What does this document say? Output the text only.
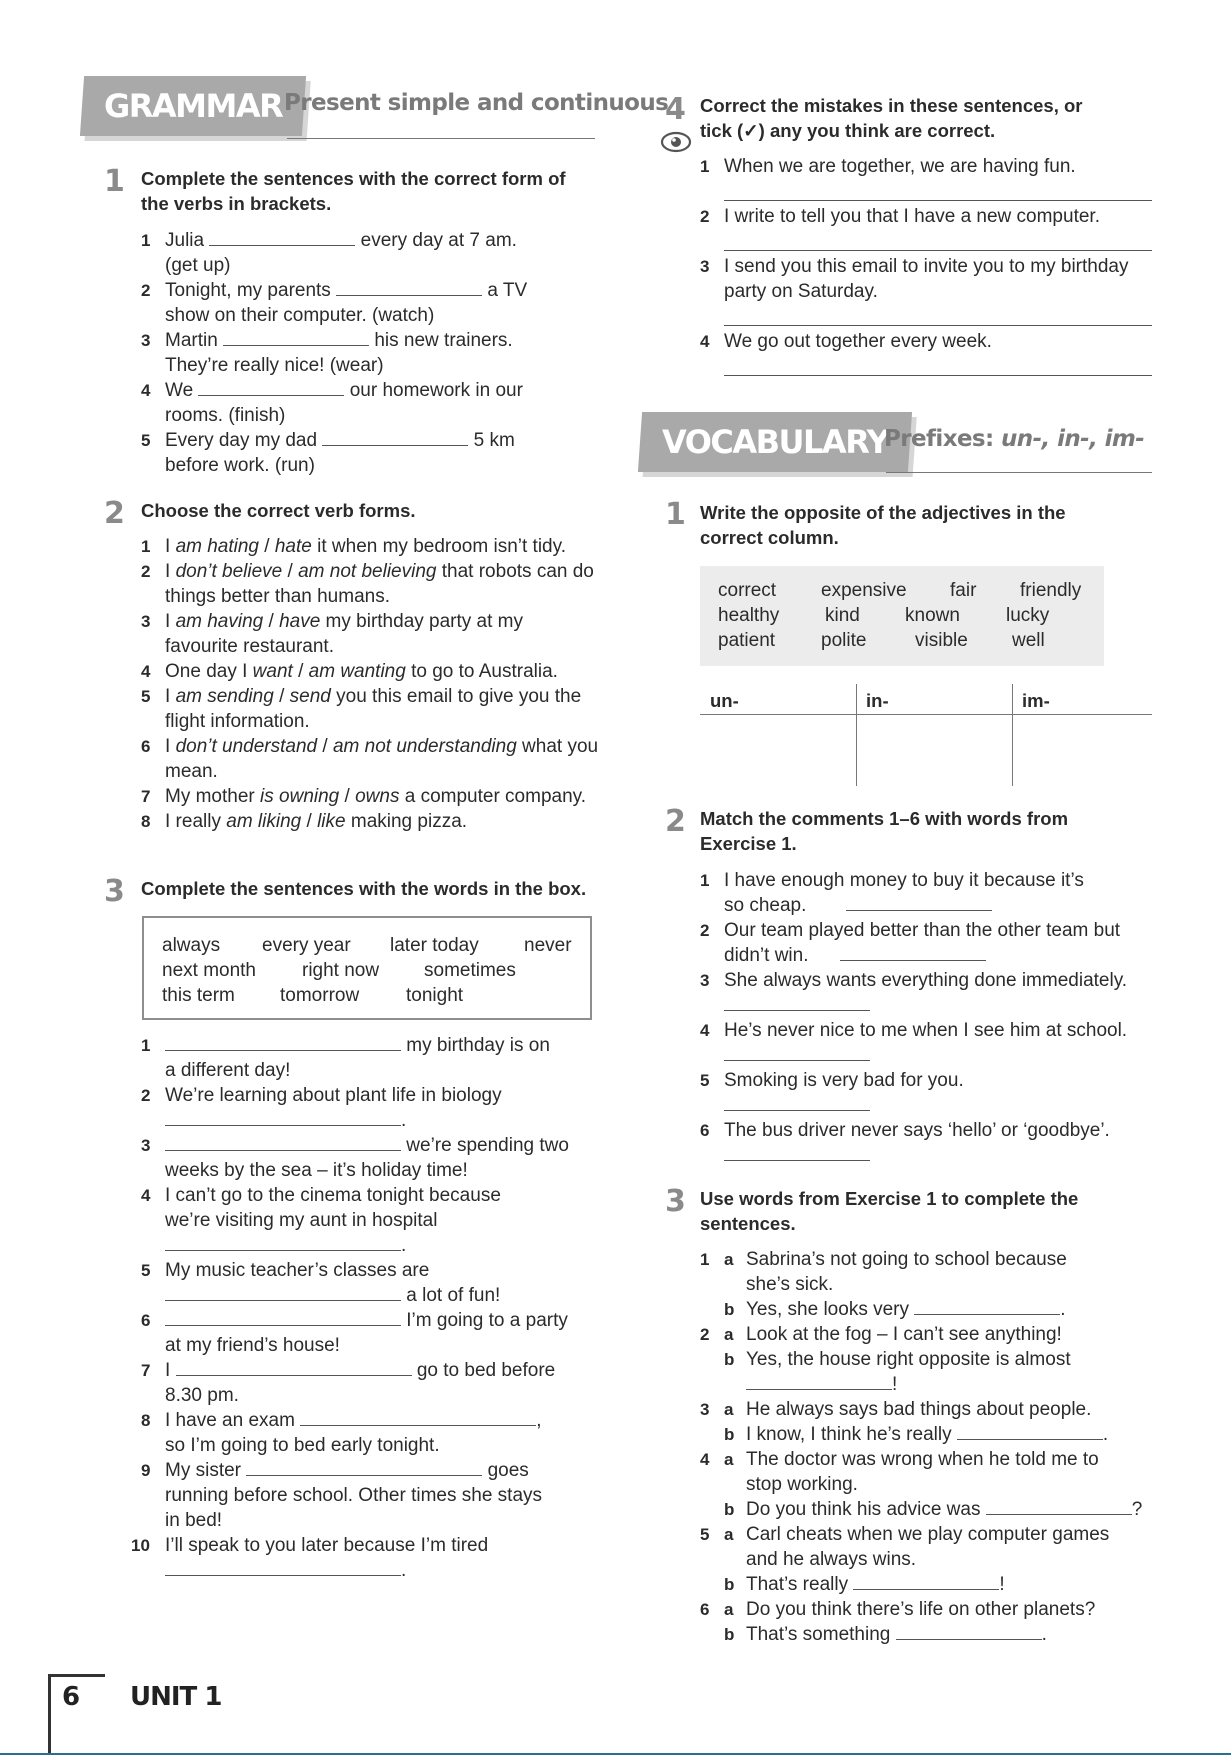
GRAMMAR Present simple and continuous
1 Complete the sentences with the correct form of the verbs in brackets.
1 Julia	every day at 7 am.
(get up)
2 Tonight, my parents	a TV
show on their computer. (watch)
3 Martin	his new trainers.
They’re really nice! (wear)
4 We	our homework in our
rooms. (finish)
5 Every day my dad	5 km
before work. (run)
2 Choose the correct verb forms.
1 I am hating / hate it when my bedroom isn’t tidy.
2 I don’t believe / am not believing that robots can do things better than humans.
3 I am having / have my birthday party at my favourite restaurant.
4 One day I want / am wanting to go to Australia.
5 I am sending / send you this email to give you the flight information.
6 I don’t understand / am not understanding what you mean.
7 My mother is owning / owns a computer company.
8 I really am liking / like making pizza.
3 Complete the sentences with the words in the box.
always every year later today never
next month right now sometimes
this term tomorrow tonight
1	my birthday is on
a different day!
2 We’re learning about plant life in biology
.
3	we’re spending two
weeks by the sea – it’s holiday time!
4 I can’t go to the cinema tonight because
we’re visiting my aunt in hospital
.
5 My music teacher’s classes are
a lot of fun!
6	I’m going to a party
at my friend’s house!
7 I	go to bed before
8.30 pm.
8 I have an exam	,
so I’m going to bed early tonight.
9 My sister	goes
running before school. Other times she stays
in bed!
10 I’ll speak to you later because I’m tired
.
4 Correct the mistakes in these sentences, or
tick (✓) any you think are correct.
1 When we are together, we are having fun.
2 I write to tell you that I have a new computer.
3 I send you this email to invite you to my birthday
party on Saturday.
4 We go out together every week.
VOCABULARY
Prefixes: un-, in-, im-
1 Write the opposite of the adjectives in the correct column.
correct expensive fair friendly
healthy kind known lucky
patient polite	visible well
un-	in-	im-
2 Match the comments 1–6 with words from Exercise 1.
1 I have enough money to buy it because it’s
so cheap.
2 Our team played better than the other team but
didn’t win.
3 She always wants everything done immediately.

4 He’s never nice to me when I see him at school.

5 Smoking is very bad for you.

6 The bus driver never says ‘hello’ or ‘goodbye’.

3 Use words from Exercise 1 to complete the sentences.
1 a Sabrina’s not going to school because
she’s sick.
b Yes, she looks very	.
2 a Look at the fog – I can’t see anything!
b Yes, the house right opposite is almost
!
3 a He always says bad things about people.
b I know, I think he’s really	.
4 a The doctor was wrong when he told me to
stop working.
b Do you think his advice was	?
5 a Carl cheats when we play computer games
and he always wins.
b That’s really	!
6 a Do you think there’s life on other planets?
b That’s something	.
6 UNIT 1
